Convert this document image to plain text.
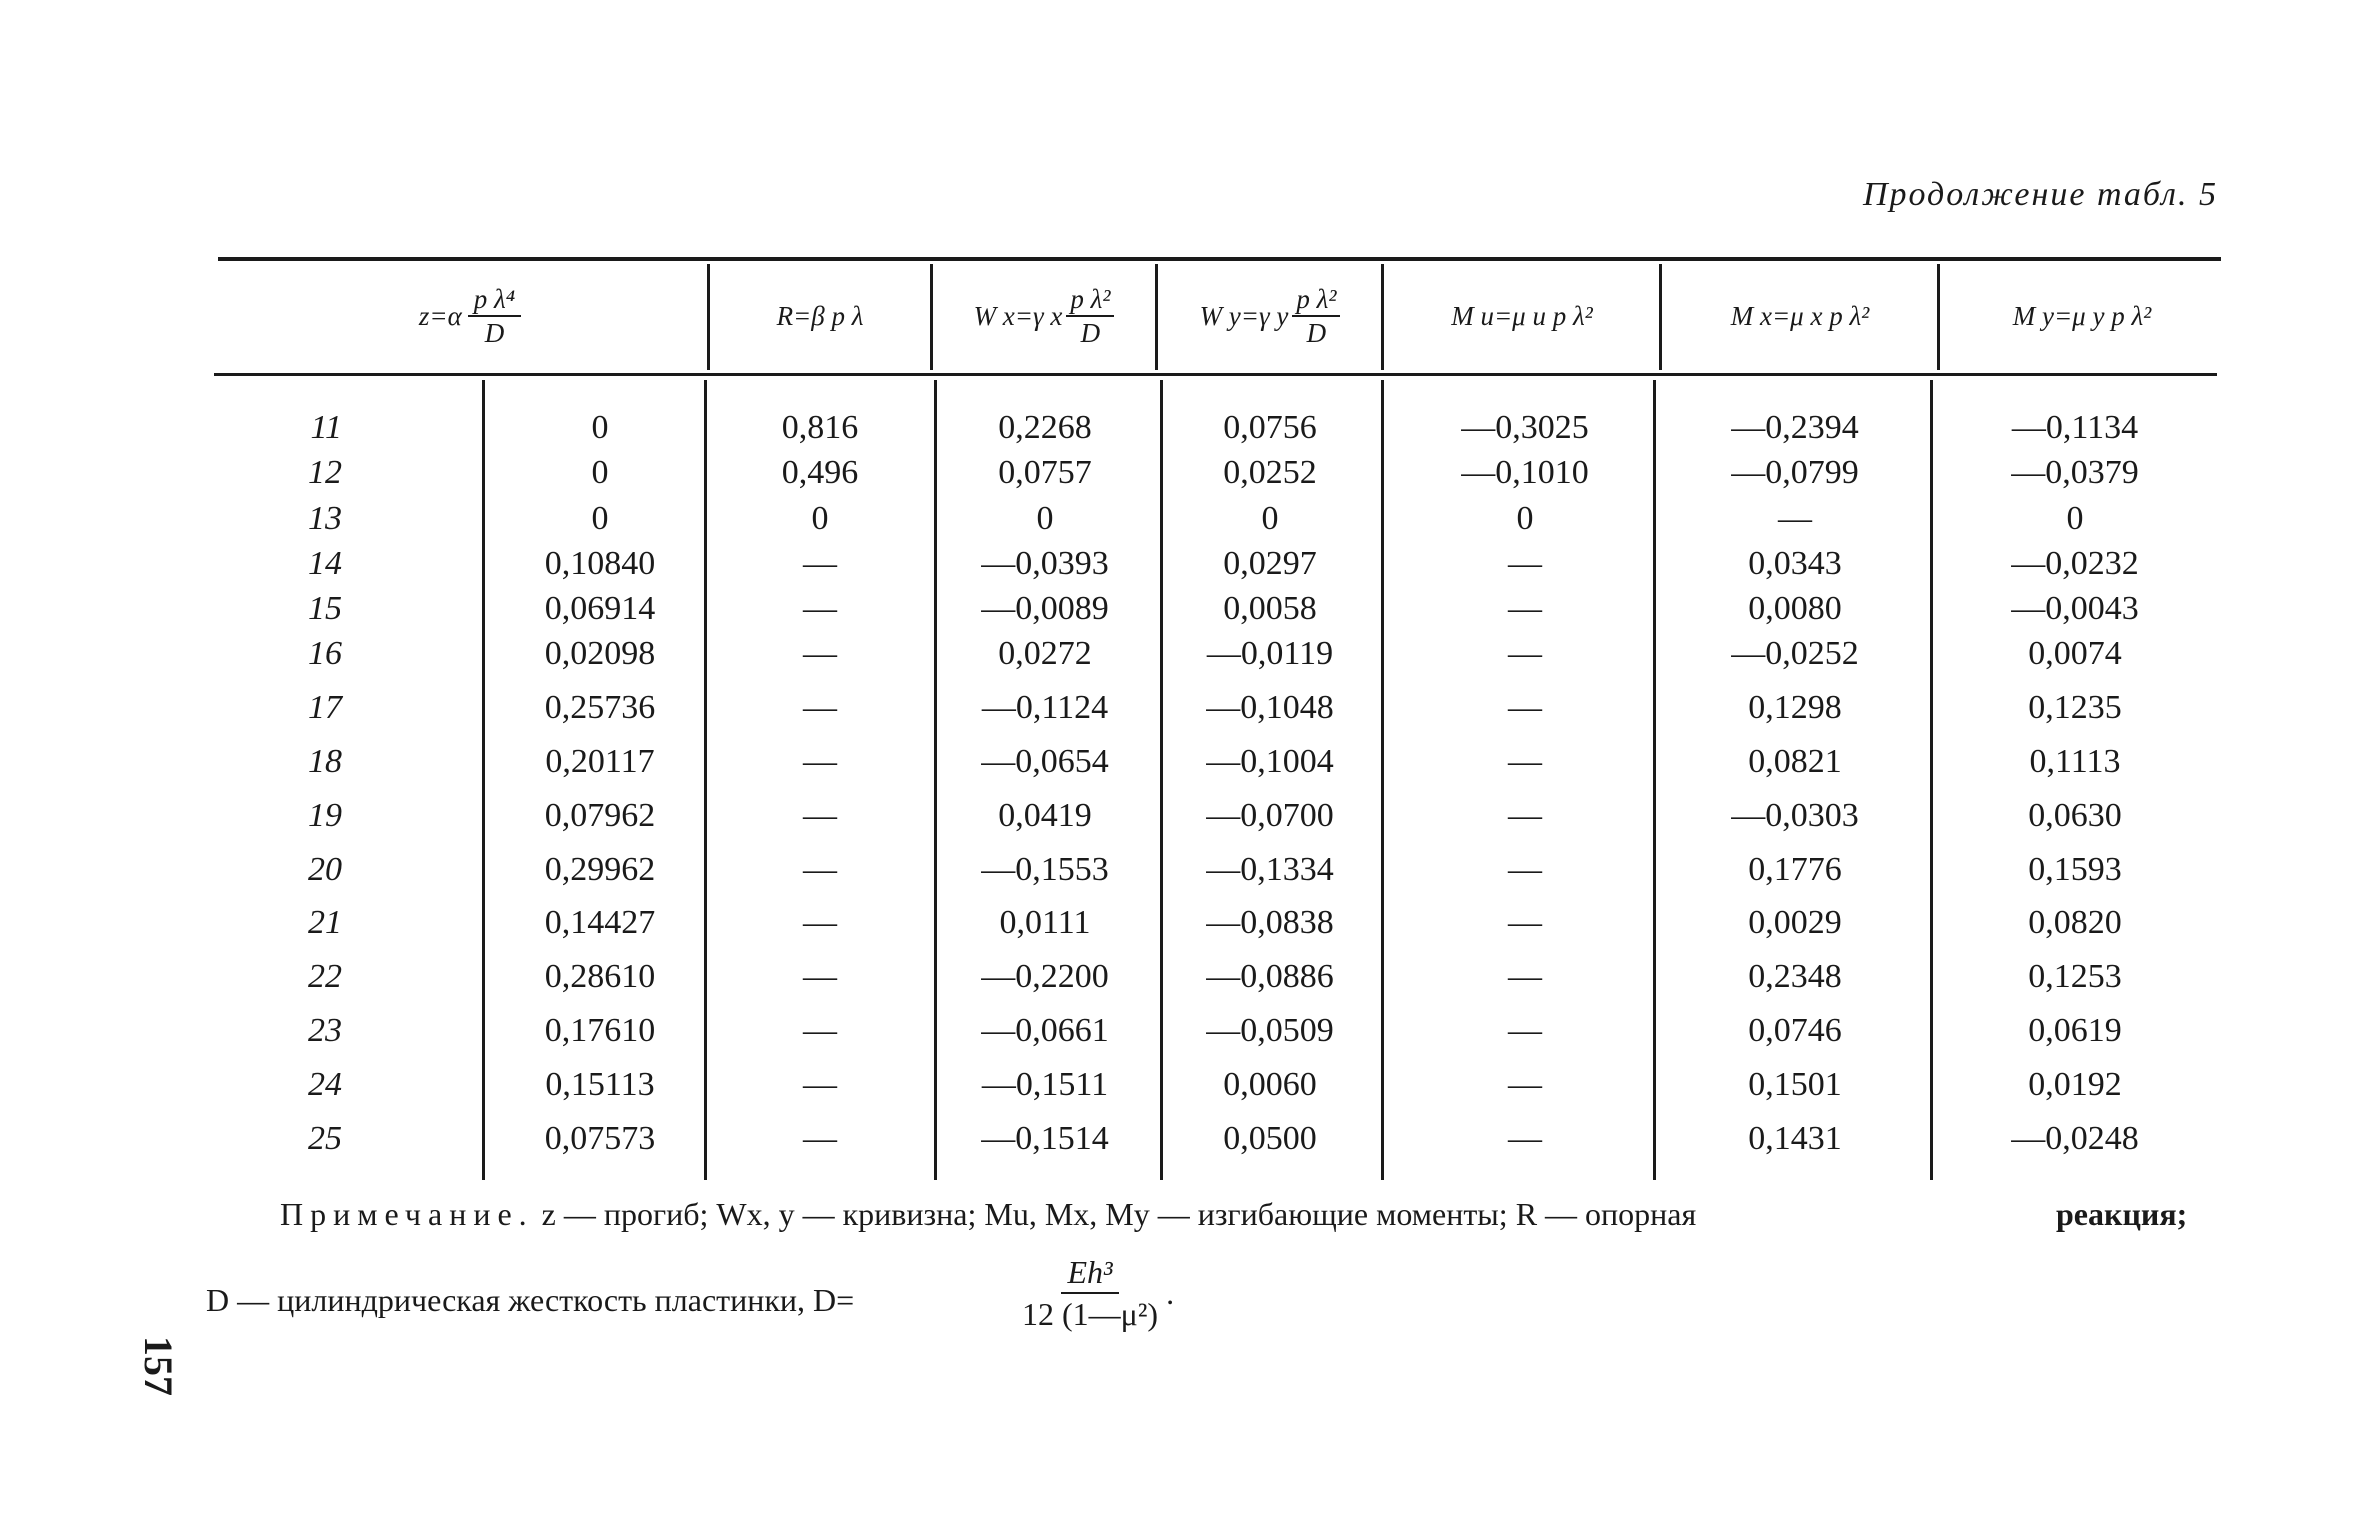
Продолжение табл. 5
$z=\alpha \frac{\text{p λ⁴}}{D}$	R=β p λ	W x=γ x $\frac{\text{p λ²}}{D}$	W y=γ y $\frac{\text{p λ²}}{D}$	M u=μ u p λ²	M x=μ x p λ²	M y=μ y p λ²
11	0	0,816	0,2268	0,0756	—0,3025	—0,2394	—0,1134
12	0	0,496	0,0757	0,0252	—0,1010	—0,0799	—0,0379
13	0	0	0	0	0	—	0
14	0,10840	—	—0,0393	0,0297	—	0,0343	—0,0232
15	0,06914	—	—0,0089	0,0058	—	0,0080	—0,0043
16	0,02098	—	0,0272	—0,0119	—	—0,0252	0,0074
17	0,25736	—	—0,1124	—0,1048	—	0,1298	0,1235
18	0,20117	—	—0,0654	—0,1004	—	0,0821	0,1113
19	0,07962	—	0,0419	—0,0700	—	—0,0303	0,0630
20	0,29962	—	—0,1553	—0,1334	—	0,1776	0,1593
21	0,14427	—	0,0111	—0,0838	—	0,0029	0,0820
22	0,28610	—	—0,2200	—0,0886	—	0,2348	0,1253
23	0,17610	—	—0,0661	—0,0509	—	0,0746	0,0619
24	0,15113	—	—0,1511	0,0060	—	0,1501	0,0192
25	0,07573	—	—0,1514	0,0500	—	0,1431	—0,0248
Примечание. z — прогиб; Wx, y — кривизна; Mu, Mx, My — изгибающие моменты; R — опорная	реакция;
D — цилиндрическая жесткость пластинки, D=	$\frac{\text{Eh³}}{\text{12 (1—μ²)}}$ .
157
